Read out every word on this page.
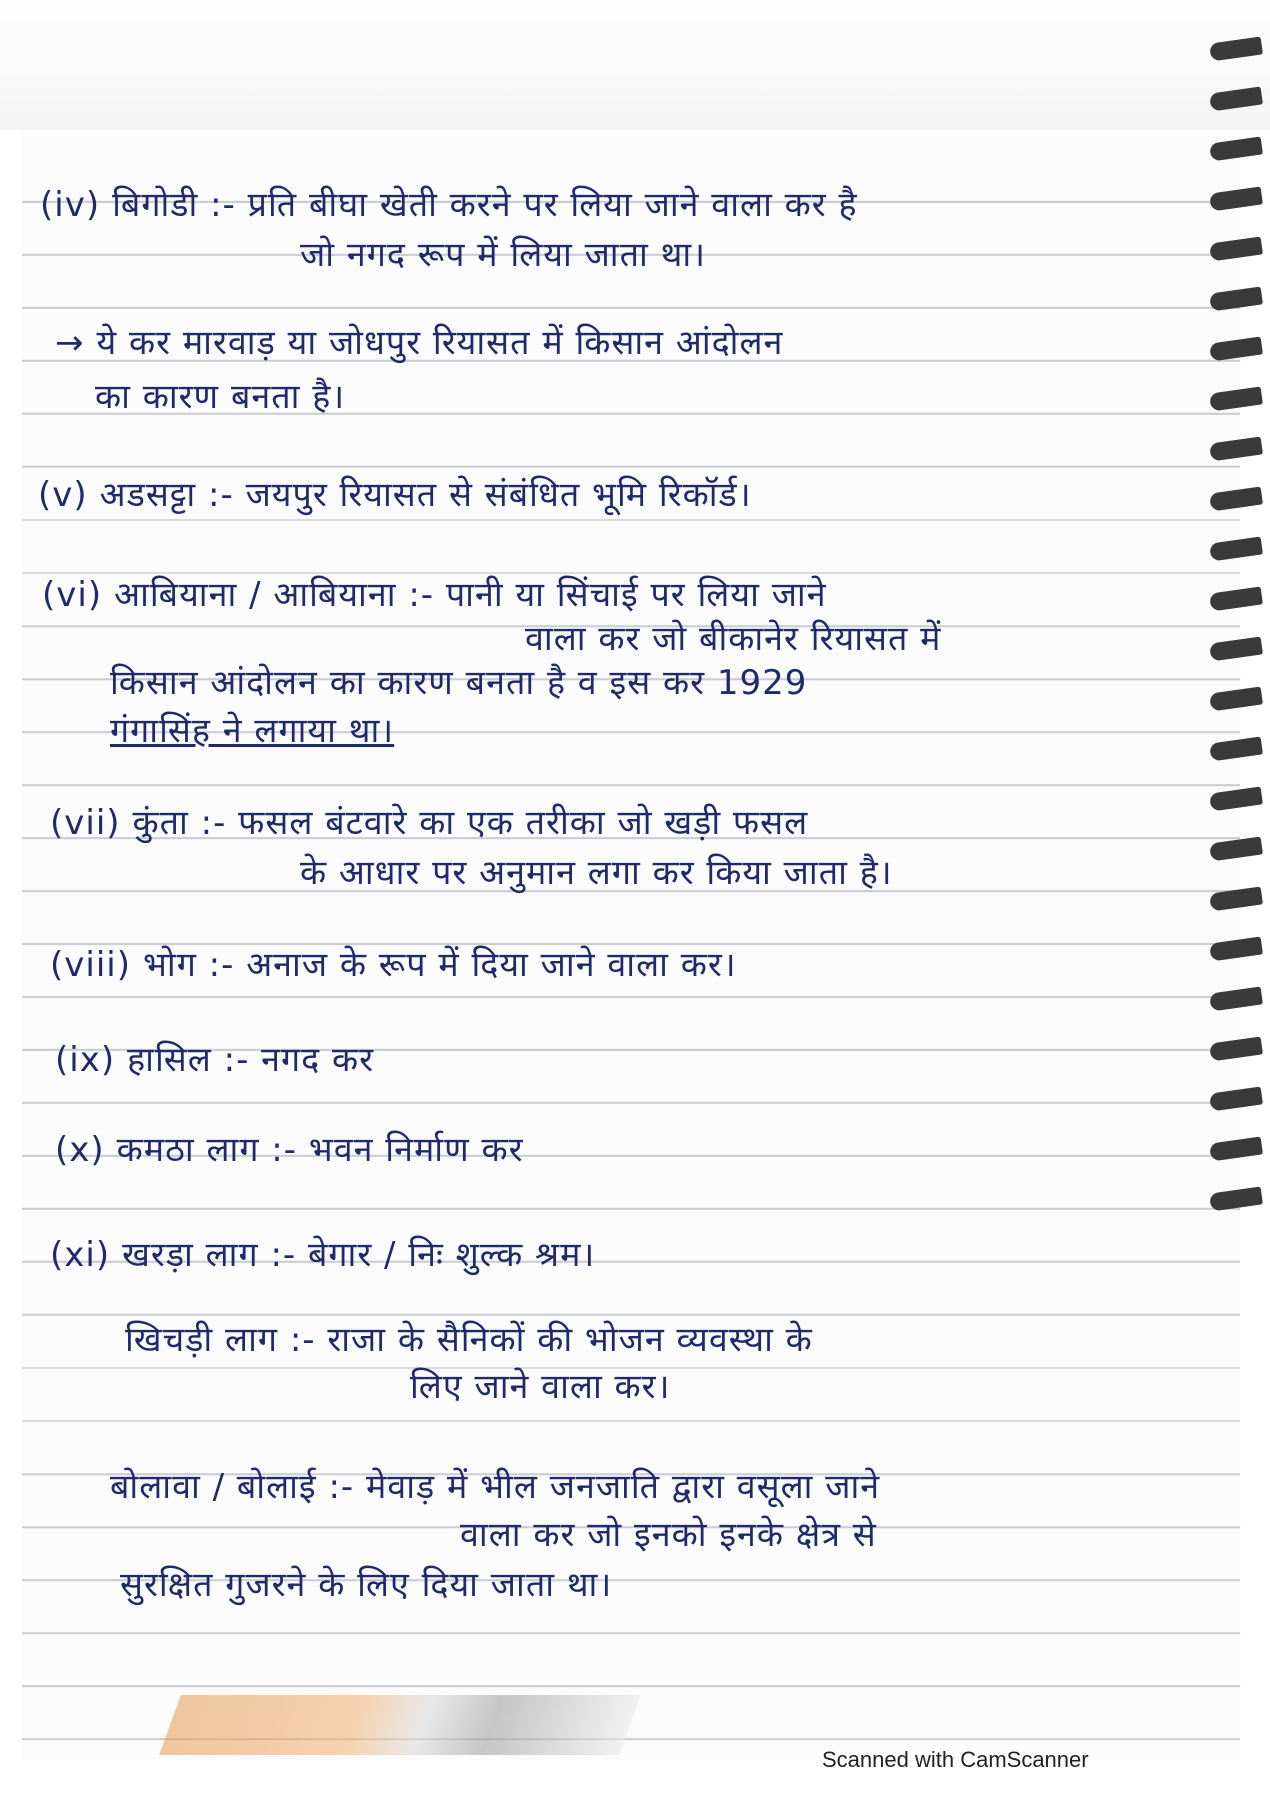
(iv) बिगोडी :- प्रति बीघा खेती करने पर लिया जाने वाला कर है
जो नगद रूप में लिया जाता था।
→ ये कर मारवाड़ या जोधपुर रियासत में किसान आंदोलन
का कारण बनता है।
(v) अडसट्टा :- जयपुर रियासत से संबंधित भूमि रिकॉर्ड।
(vi) आबियाना / आबियाना :- पानी या सिंचाई पर लिया जाने
वाला कर जो बीकानेर रियासत में
किसान आंदोलन का कारण बनता है व इस कर 1929
गंगासिंह ने लगाया था।
(vii) कुंता :- फसल बंटवारे का एक तरीका जो खड़ी फसल
के आधार पर अनुमान लगा कर किया जाता है।
(viii) भोग :- अनाज के रूप में दिया जाने वाला कर।
(ix) हासिल :- नगद कर
(x) कमठा लाग :- भवन निर्माण कर
(xi) खरड़ा लाग :- बेगार / निः शुल्क श्रम।
खिचड़ी लाग :- राजा के सैनिकों की भोजन व्यवस्था के
लिए जाने वाला कर।
बोलावा / बोलाई :- मेवाड़ में भील जनजाति द्वारा वसूला जाने
वाला कर जो इनको इनके क्षेत्र से
सुरक्षित गुजरने के लिए दिया जाता था।
Scanned with CamScanner
